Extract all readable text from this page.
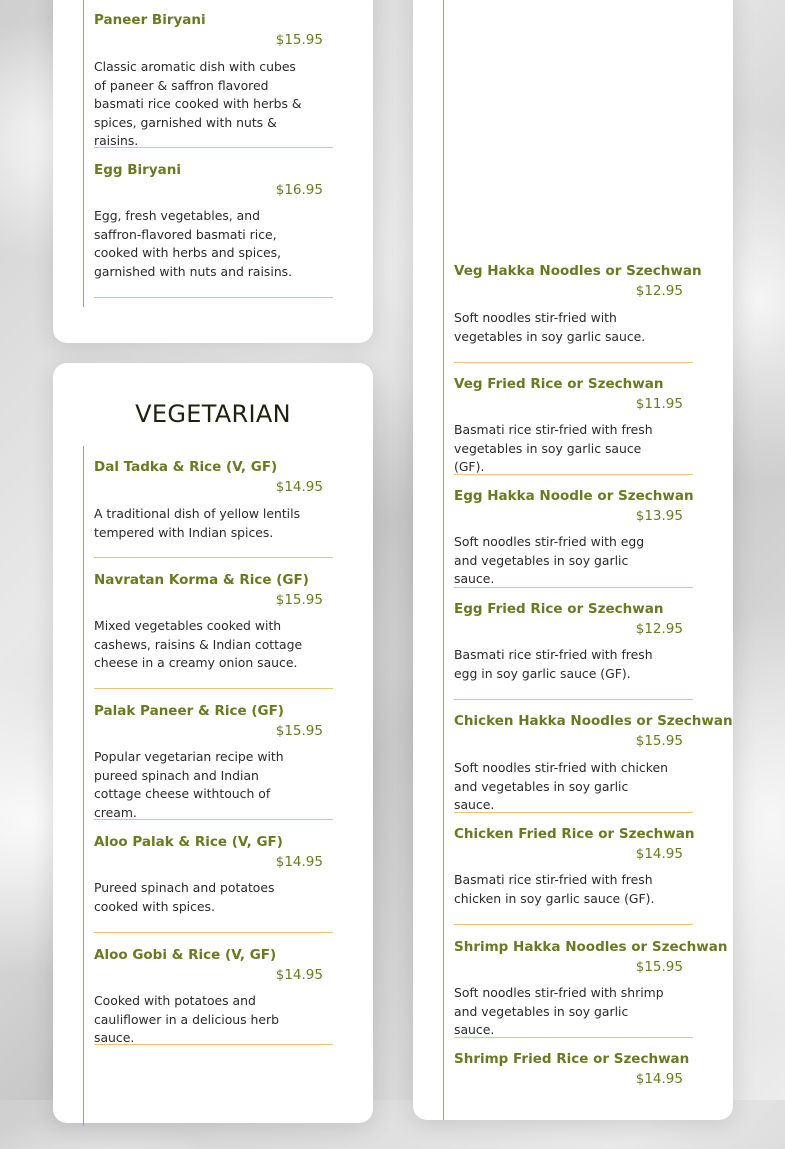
Paneer Biryani
$15.95

Classic aromatic dish with cubes of paneer & saffron flavored basmati rice cooked with herbs & spices, garnished with nuts & raisins.

Egg Biryani
$16.95

Egg, fresh vegetables, and saffron-flavored basmati rice, cooked with herbs and spices, garnished with nuts and raisins.

VEGETARIAN
Dal Tadka & Rice (V, GF)
$14.95

A traditional dish of yellow lentils tempered with Indian spices.

Navratan Korma & Rice (GF)
$15.95

Mixed vegetables cooked with cashews, raisins & Indian cottage cheese in a creamy onion sauce.

Palak Paneer & Rice (GF)
$15.95

Popular vegetarian recipe with pureed spinach and Indian cottage cheese withtouch of cream.

Aloo Palak & Rice (V, GF)
$14.95

Pureed spinach and potatoes cooked with spices.

Aloo Gobi & Rice (V, GF)
$14.95

Cooked with potatoes and cauliflower in a delicious herb sauce.

Veg Hakka Noodles or Szechwan
$12.95

Soft noodles stir-fried with vegetables in soy garlic sauce.

Veg Fried Rice or Szechwan
$11.95

Basmati rice stir-fried with fresh vegetables in soy garlic sauce (GF).

Egg Hakka Noodle or Szechwan
$13.95

Soft noodles stir-fried with egg and vegetables in soy garlic sauce.

Egg Fried Rice or Szechwan
$12.95

Basmati rice stir-fried with fresh egg in soy garlic sauce (GF).

Chicken Hakka Noodles or Szechwan
$15.95

Soft noodles stir-fried with chicken and vegetables in soy garlic sauce.

Chicken Fried Rice or Szechwan
$14.95

Basmati rice stir-fried with fresh chicken in soy garlic sauce (GF).

Shrimp Hakka Noodles or Szechwan
$15.95

Soft noodles stir-fried with shrimp and vegetables in soy garlic sauce.

Shrimp Fried Rice or Szechwan
$14.95
